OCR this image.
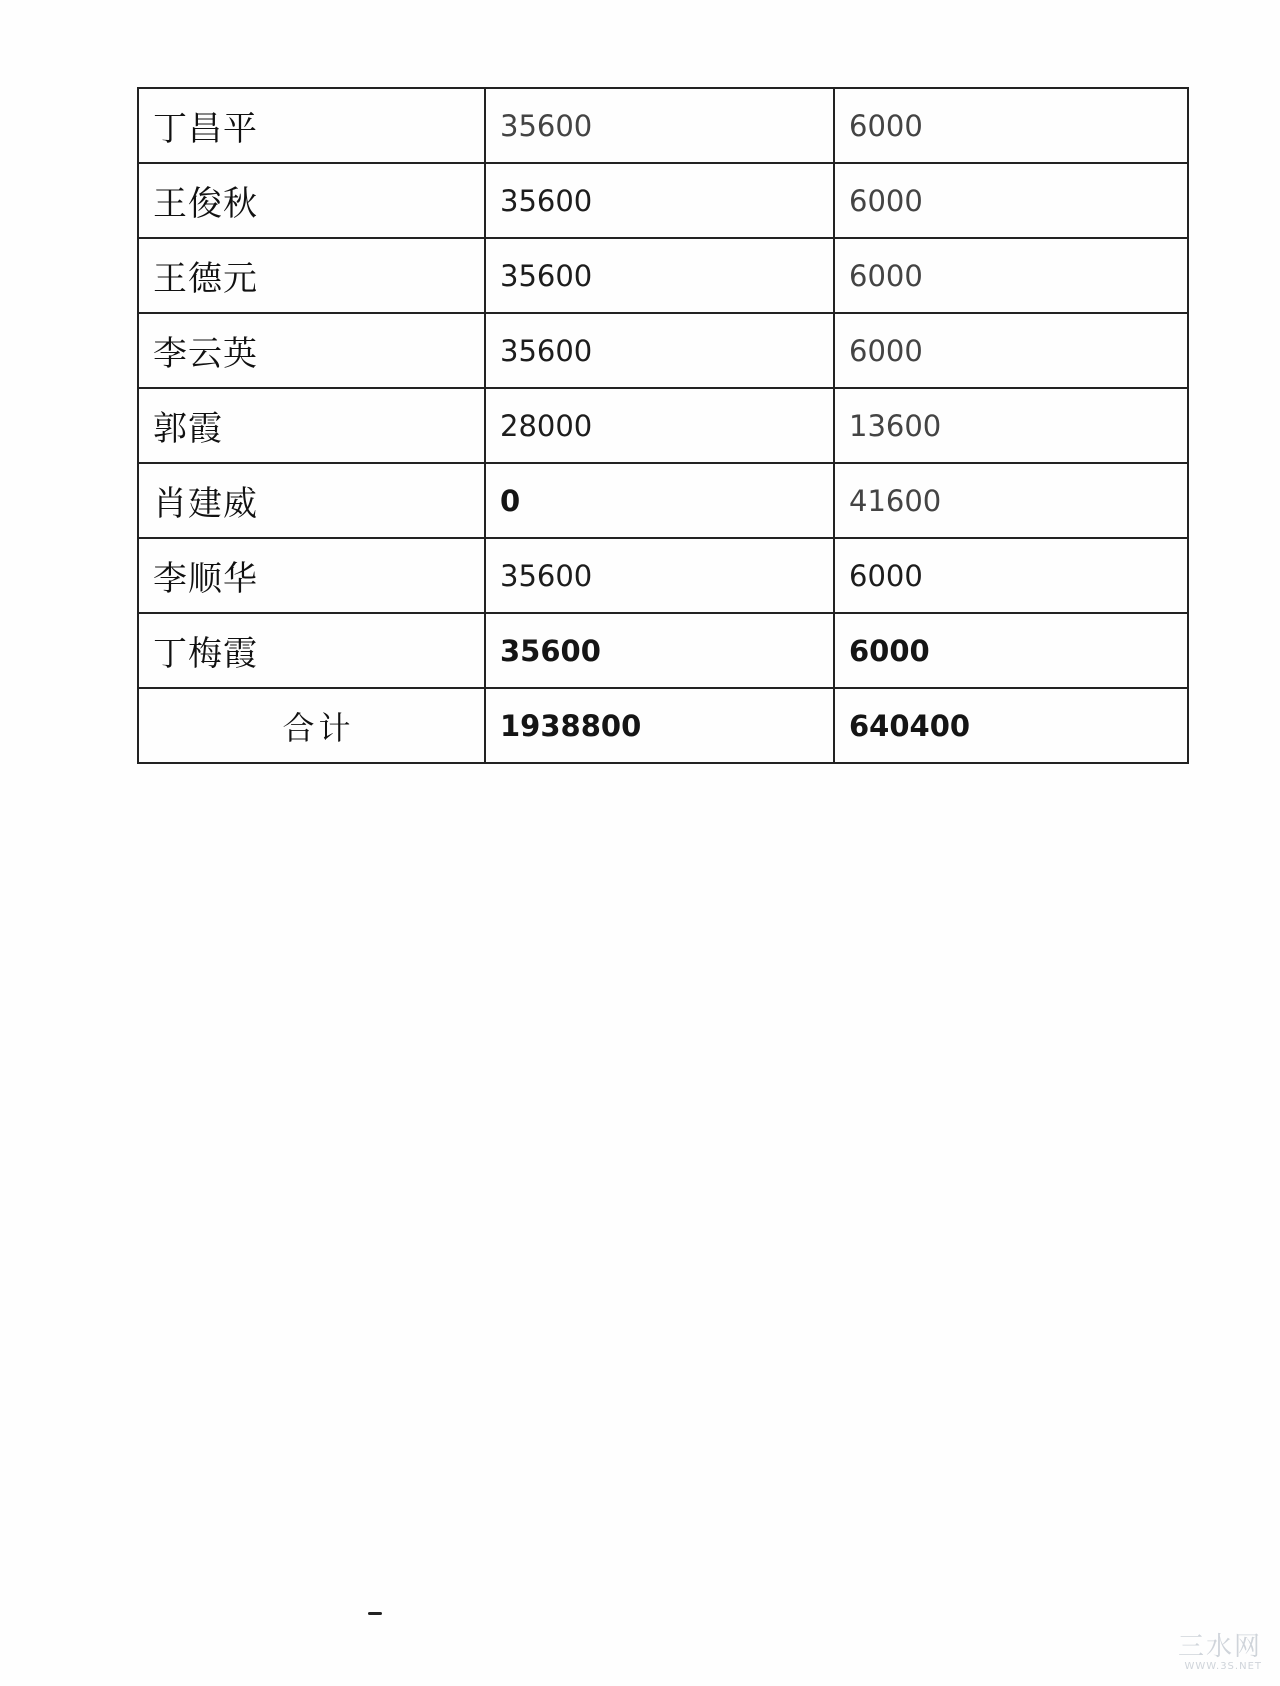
丁昌平	35600	6000
王俊秋	35600	6000
王德元	35600	6000
李云英	35600	6000
郭霞	28000	13600
肖建威	0	41600
李顺华	35600	6000
丁梅霞	35600	6000
合计	1938800	640400
三水网
WWW.3S.NET
